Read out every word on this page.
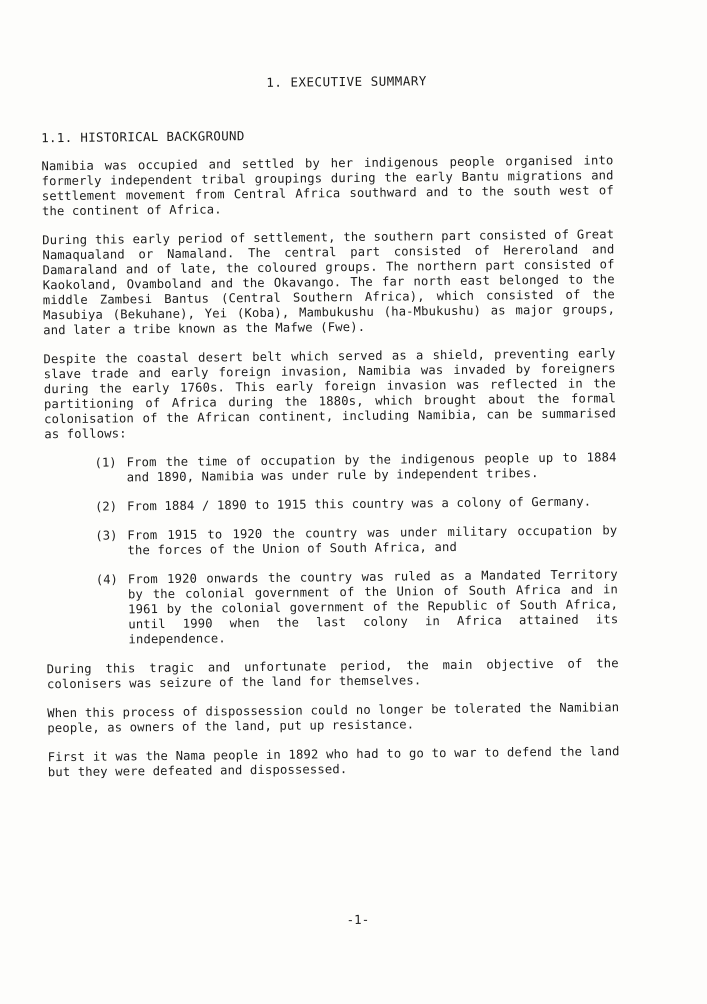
1. EXECUTIVE SUMMARY
1.1. HISTORICAL BACKGROUND

Namibia was occupied and settled by her indigenous people organised into formerly independent tribal groupings during the early Bantu migrations and settlement movement from Central Africa southward and to the south west of the continent of Africa.

During this early period of settlement, the southern part consisted of Great Namaqualand or Namaland. The central part consisted of Hereroland and Damaraland and of late, the coloured groups. The northern part consisted of Kaokoland, Ovamboland and the Okavango. The far north east belonged to the middle Zambesi Bantus (Central Southern Africa), which consisted of the Masubiya (Bekuhane), Yei (Koba), Mambukushu (ha-Mbukushu) as major groups, and later a tribe known as the Mafwe (Fwe).

Despite the coastal desert belt which served as a shield, preventing early slave trade and early foreign invasion, Namibia was invaded by foreigners during the early 1760s. This early foreign invasion was reflected in the partitioning of Africa during the 1880s, which brought about the formal colonisation of the African continent, including Namibia, can be summarised as follows:

(1) From the time of occupation by the indigenous people up to 1884 and 1890, Namibia was under rule by independent tribes.
(2) From 1884 / 1890 to 1915 this country was a colony of Germany.
(3) From 1915 to 1920 the country was under military occupation by the forces of the Union of South Africa, and
(4) From 1920 onwards the country was ruled as a Mandated Territory by the colonial government of the Union of South Africa and in 1961 by the colonial government of the Republic of South Africa, until 1990 when the last colony in Africa attained its independence.

During this tragic and unfortunate period, the main objective of the colonisers was seizure of the land for themselves.

When this process of dispossession could no longer be tolerated the Namibian people, as owners of the land, put up resistance.

First it was the Nama people in 1892 who had to go to war to defend the land but they were defeated and dispossessed.

-1-
